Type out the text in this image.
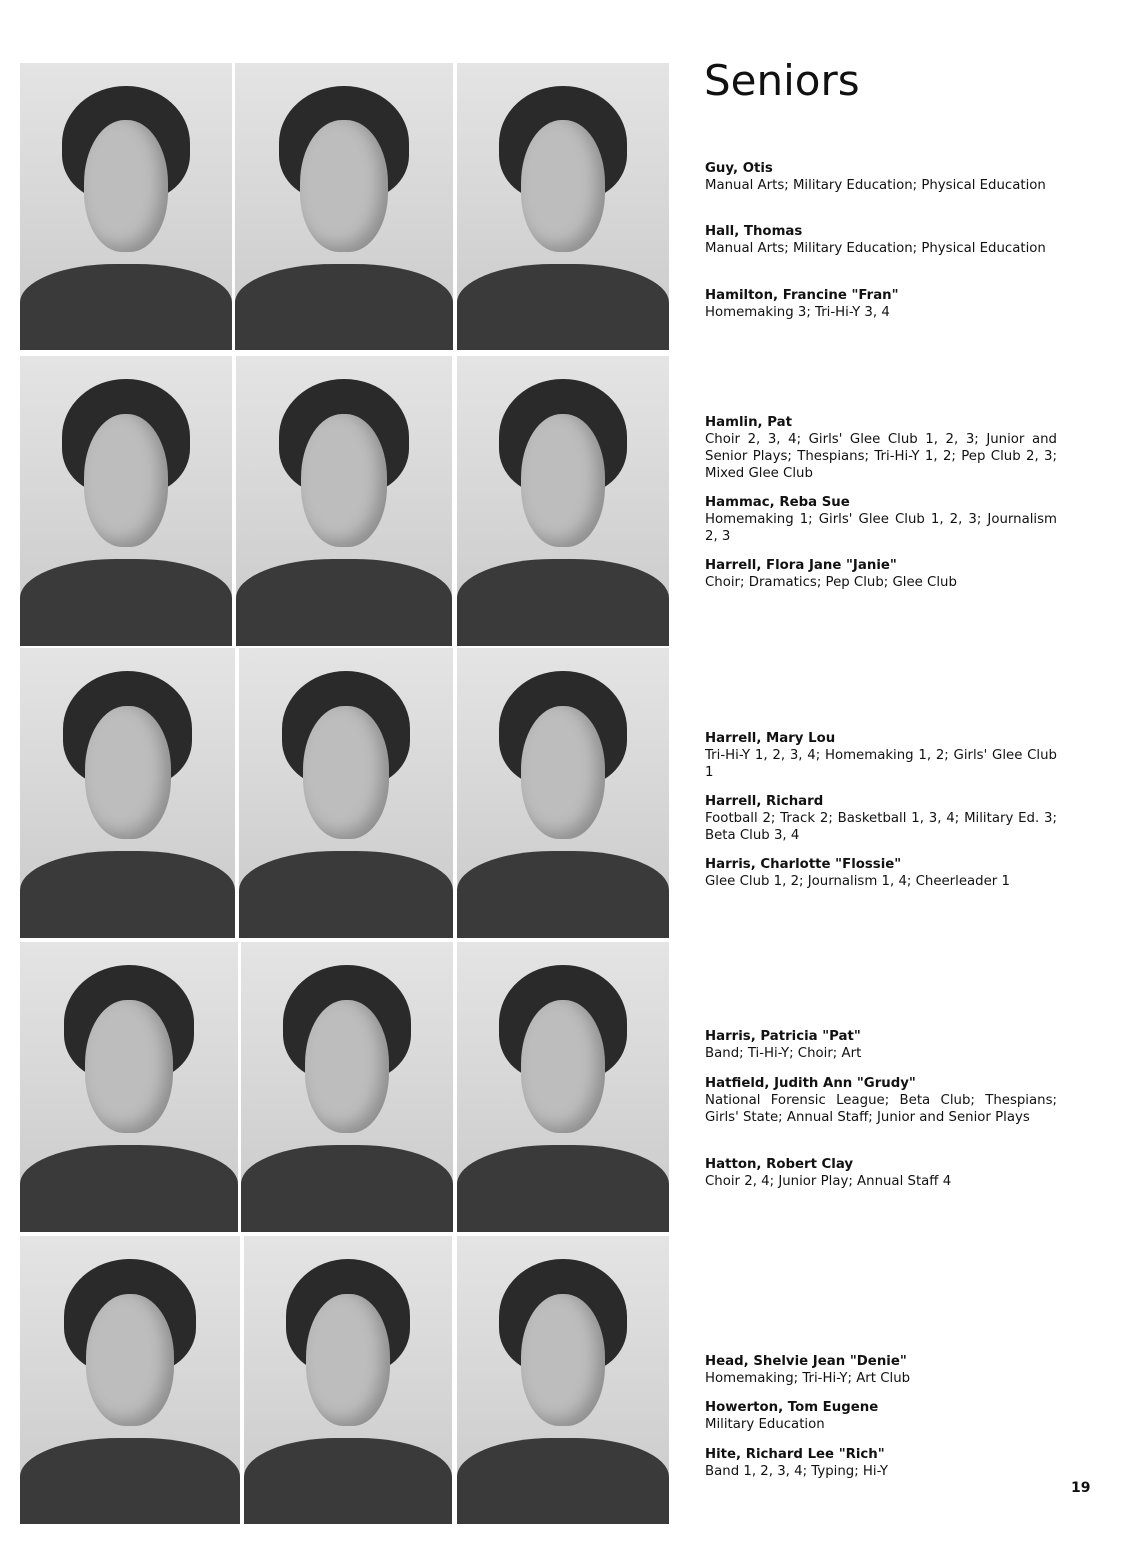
Seniors
Guy, Otis
Manual Arts; Military Education; Physical Education
Hall, Thomas
Manual Arts; Military Education; Physical Education
Hamilton, Francine "Fran"
Homemaking 3; Tri-Hi-Y 3, 4
Hamlin, Pat
Choir 2, 3, 4; Girls' Glee Club 1, 2, 3; Junior and Senior Plays; Thespians; Tri-Hi-Y 1, 2; Pep Club 2, 3; Mixed Glee Club
Hammac, Reba Sue
Homemaking 1; Girls' Glee Club 1, 2, 3; Journalism 2, 3
Harrell, Flora Jane "Janie"
Choir; Dramatics; Pep Club; Glee Club
Harrell, Mary Lou
Tri-Hi-Y 1, 2, 3, 4; Homemaking 1, 2; Girls' Glee Club 1
Harrell, Richard
Football 2; Track 2; Basketball 1, 3, 4; Military Ed. 3; Beta Club 3, 4
Harris, Charlotte "Flossie"
Glee Club 1, 2; Journalism 1, 4; Cheerleader 1
Harris, Patricia "Pat"
Band; Ti-Hi-Y; Choir; Art
Hatfield, Judith Ann "Grudy"
National Forensic League; Beta Club; Thespians; Girls' State; Annual Staff; Junior and Senior Plays
Hatton, Robert Clay
Choir 2, 4; Junior Play; Annual Staff 4
Head, Shelvie Jean "Denie"
Homemaking; Tri-Hi-Y; Art Club
Howerton, Tom Eugene
Military Education
Hite, Richard Lee "Rich"
Band 1, 2, 3, 4; Typing; Hi-Y
19
